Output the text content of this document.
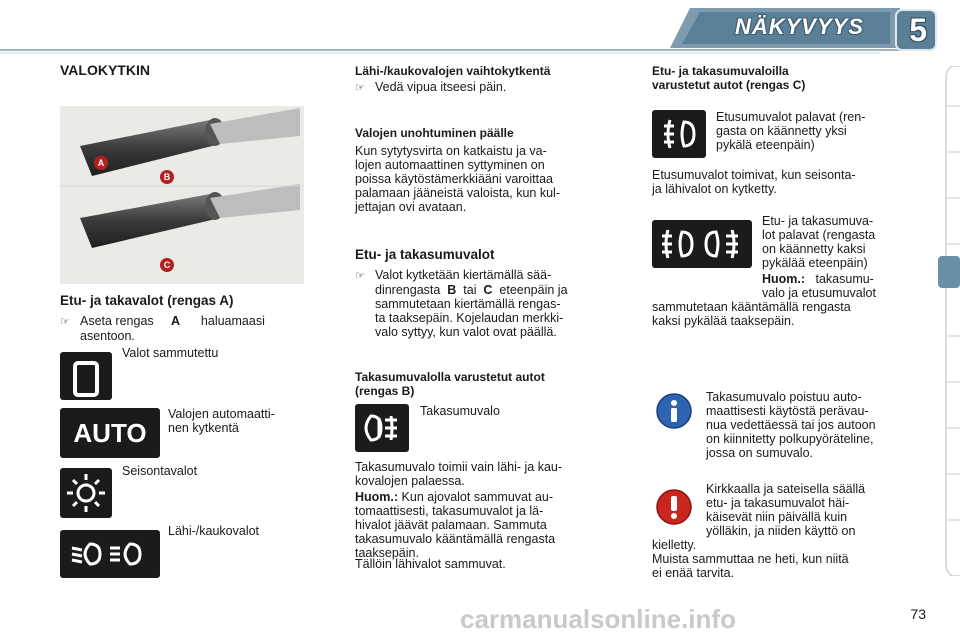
NÄKYVYYS 5
VALOKYTKIN
A
B
C
Etu- ja takavalot (rengas A)
☞ Aseta rengas A haluamaasi
asentoon.
Valot sammutettu
AUTO
Valojen automaatti-
nen kytkentä
Seisontavalot
Lähi-/kaukovalot
Lähi-/kaukovalojen vaihtokytkentä
☞ Vedä vipua itseesi päin.
Valojen unohtuminen päälle
Kun sytytysvirta on katkaistu ja va-
lojen automaattinen syttyminen on
poissa käytöstämerkkiääni varoittaa
palamaan jääneistä valoista, kun kul-
jettajan ovi avataan.
Etu- ja takasumuvalot
☞ Valot kytketään kiertämällä sää-
dinrengasta B tai C eteenpäin ja
sammutetaan kiertämällä rengas-
ta taaksepäin. Kojelaudan merkki-
valo syttyy, kun valot ovat päällä.
Takasumuvalolla varustetut autot
(rengas B)
Takasumuvalo
Takasumuvalo toimii vain lähi- ja kau-
kovalojen palaessa.
Huom.: Kun ajovalot sammuvat au-
tomaattisesti, takasumuvalot ja lä-
hivalot jäävät palamaan. Sammuta
takasumuvalo kääntämällä rengasta
taaksepäin.
Tällöin lähivalot sammuvat.
Etu- ja takasumuvaloilla
varustetut autot (rengas C)
Etusumuvalot palavat (ren-
gasta on käännetty yksi
pykälä eteenpäin)
Etusumuvalot toimivat, kun seisonta-
ja lähivalot on kytketty.
Etu- ja takasumuva-
lot palavat (rengasta
on käännetty kaksi
pykälää eteenpäin)
Huom.: takasumu-
valo ja etusumuvalot
sammutetaan kääntämällä rengasta
kaksi pykälää taaksepäin.
Takasumuvalo poistuu auto-
maattisesti käytöstä perävau-
nua vedettäessä tai jos autoon
on kiinnitetty polkupyöräteline,
jossa on sumuvalo.
Kirkkaalla ja sateisella säällä
etu- ja takasumuvalot häi-
käisevät niin päivällä kuin
yölläkin, ja niiden käyttö on
kielletty.
Muista sammuttaa ne heti, kun niitä
ei enää tarvita.
carmanualsonline.info	73
